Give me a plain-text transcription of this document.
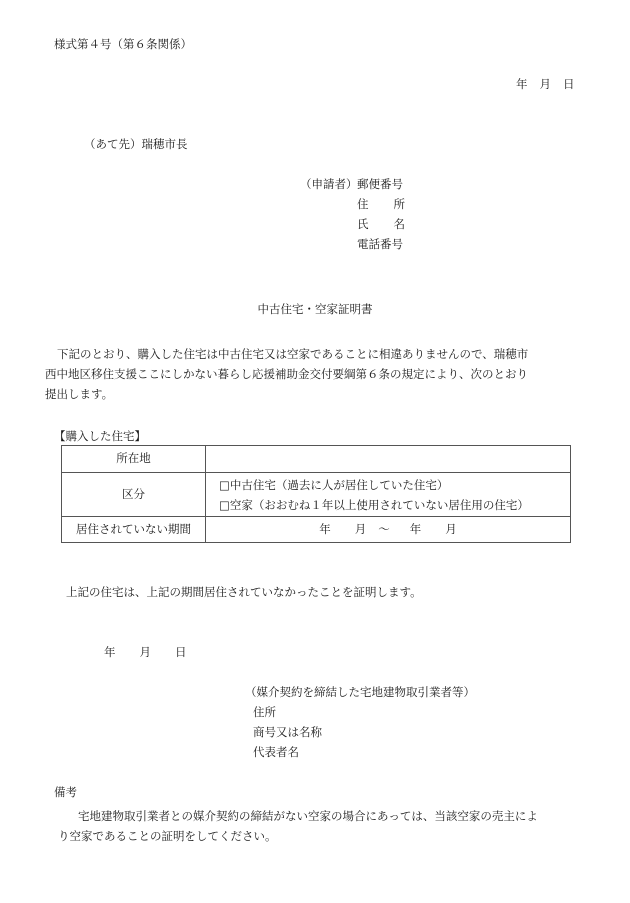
様式第４号（第６条関係）
年 月 日
（あて先）瑞穂市長
（申請者） 郵便番号
住　　所
氏　　名
電話番号
中古住宅・空家証明書
下記のとおり、購入した住宅は中古住宅又は空家であることに相違ありませんので、瑞穂市
西中地区移住支援ここにしかない暮らし応援補助金交付要綱第６条の規定により、次のとおり
提出します。
【購入した住宅】
所在地	
区分	□中古住宅（過去に人が居住していた住宅）
□空家（おおむね１年以上使用されていない居住用の住宅）

居住されていない期間	年 月 ～ 年 月
上記の住宅は、上記の期間居住されていなかったことを証明します。
年 月 日
（媒介契約を締結した宅地建物取引業者等）
住所
商号又は名称
代表者名
備考
宅地建物取引業者との媒介契約の締結がない空家の場合にあっては、当該空家の売主によ
り空家であることの証明をしてください。
